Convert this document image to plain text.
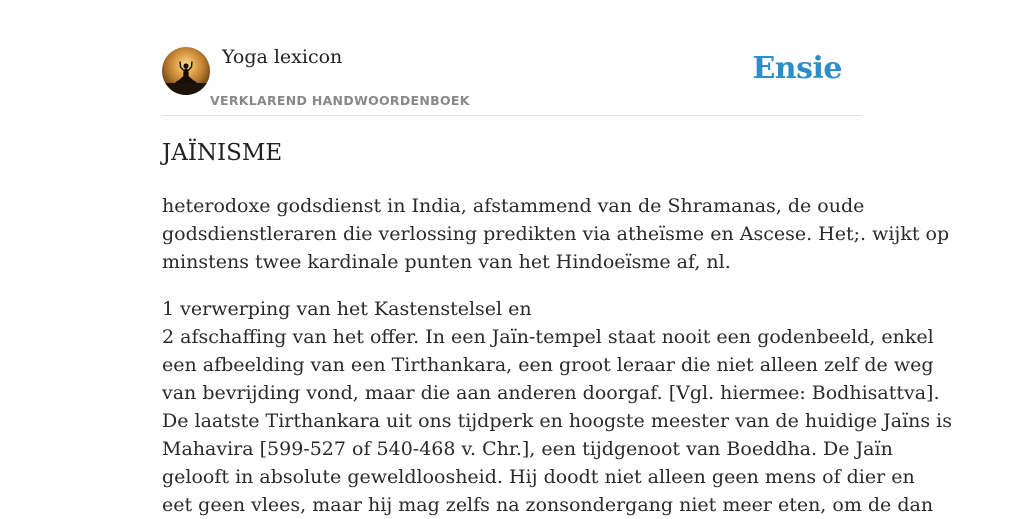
Yoga lexicon
VERKLAREND HANDWOORDENBOEK
Ensie
JAÏNISME

heterodoxe godsdienst in India, afstammend van de Shramanas, de oude
godsdienstleraren die verlossing predikten via atheïsme en Ascese. Het;. wijkt op
minstens twee kardinale punten van het Hindoeïsme af, nl.

1 verwerping van het Kastenstelsel en
2 afschaffing van het offer. In een Jaïn-tempel staat nooit een godenbeeld, enkel
een afbeelding van een Tirthankara, een groot leraar die niet alleen zelf de weg
van bevrijding vond, maar die aan anderen doorgaf. [Vgl. hiermee: Bodhisattva].
De laatste Tirthankara uit ons tijdperk en hoogste meester van de huidige Jaïns is
Mahavira [599-527 of 540-468 v. Chr.], een tijdgenoot van Boeddha. De Jaïn
gelooft in absolute geweldloosheid. Hij doodt niet alleen geen mens of dier en
eet geen vlees, maar hij mag zelfs na zonsondergang niet meer eten, om de dan
